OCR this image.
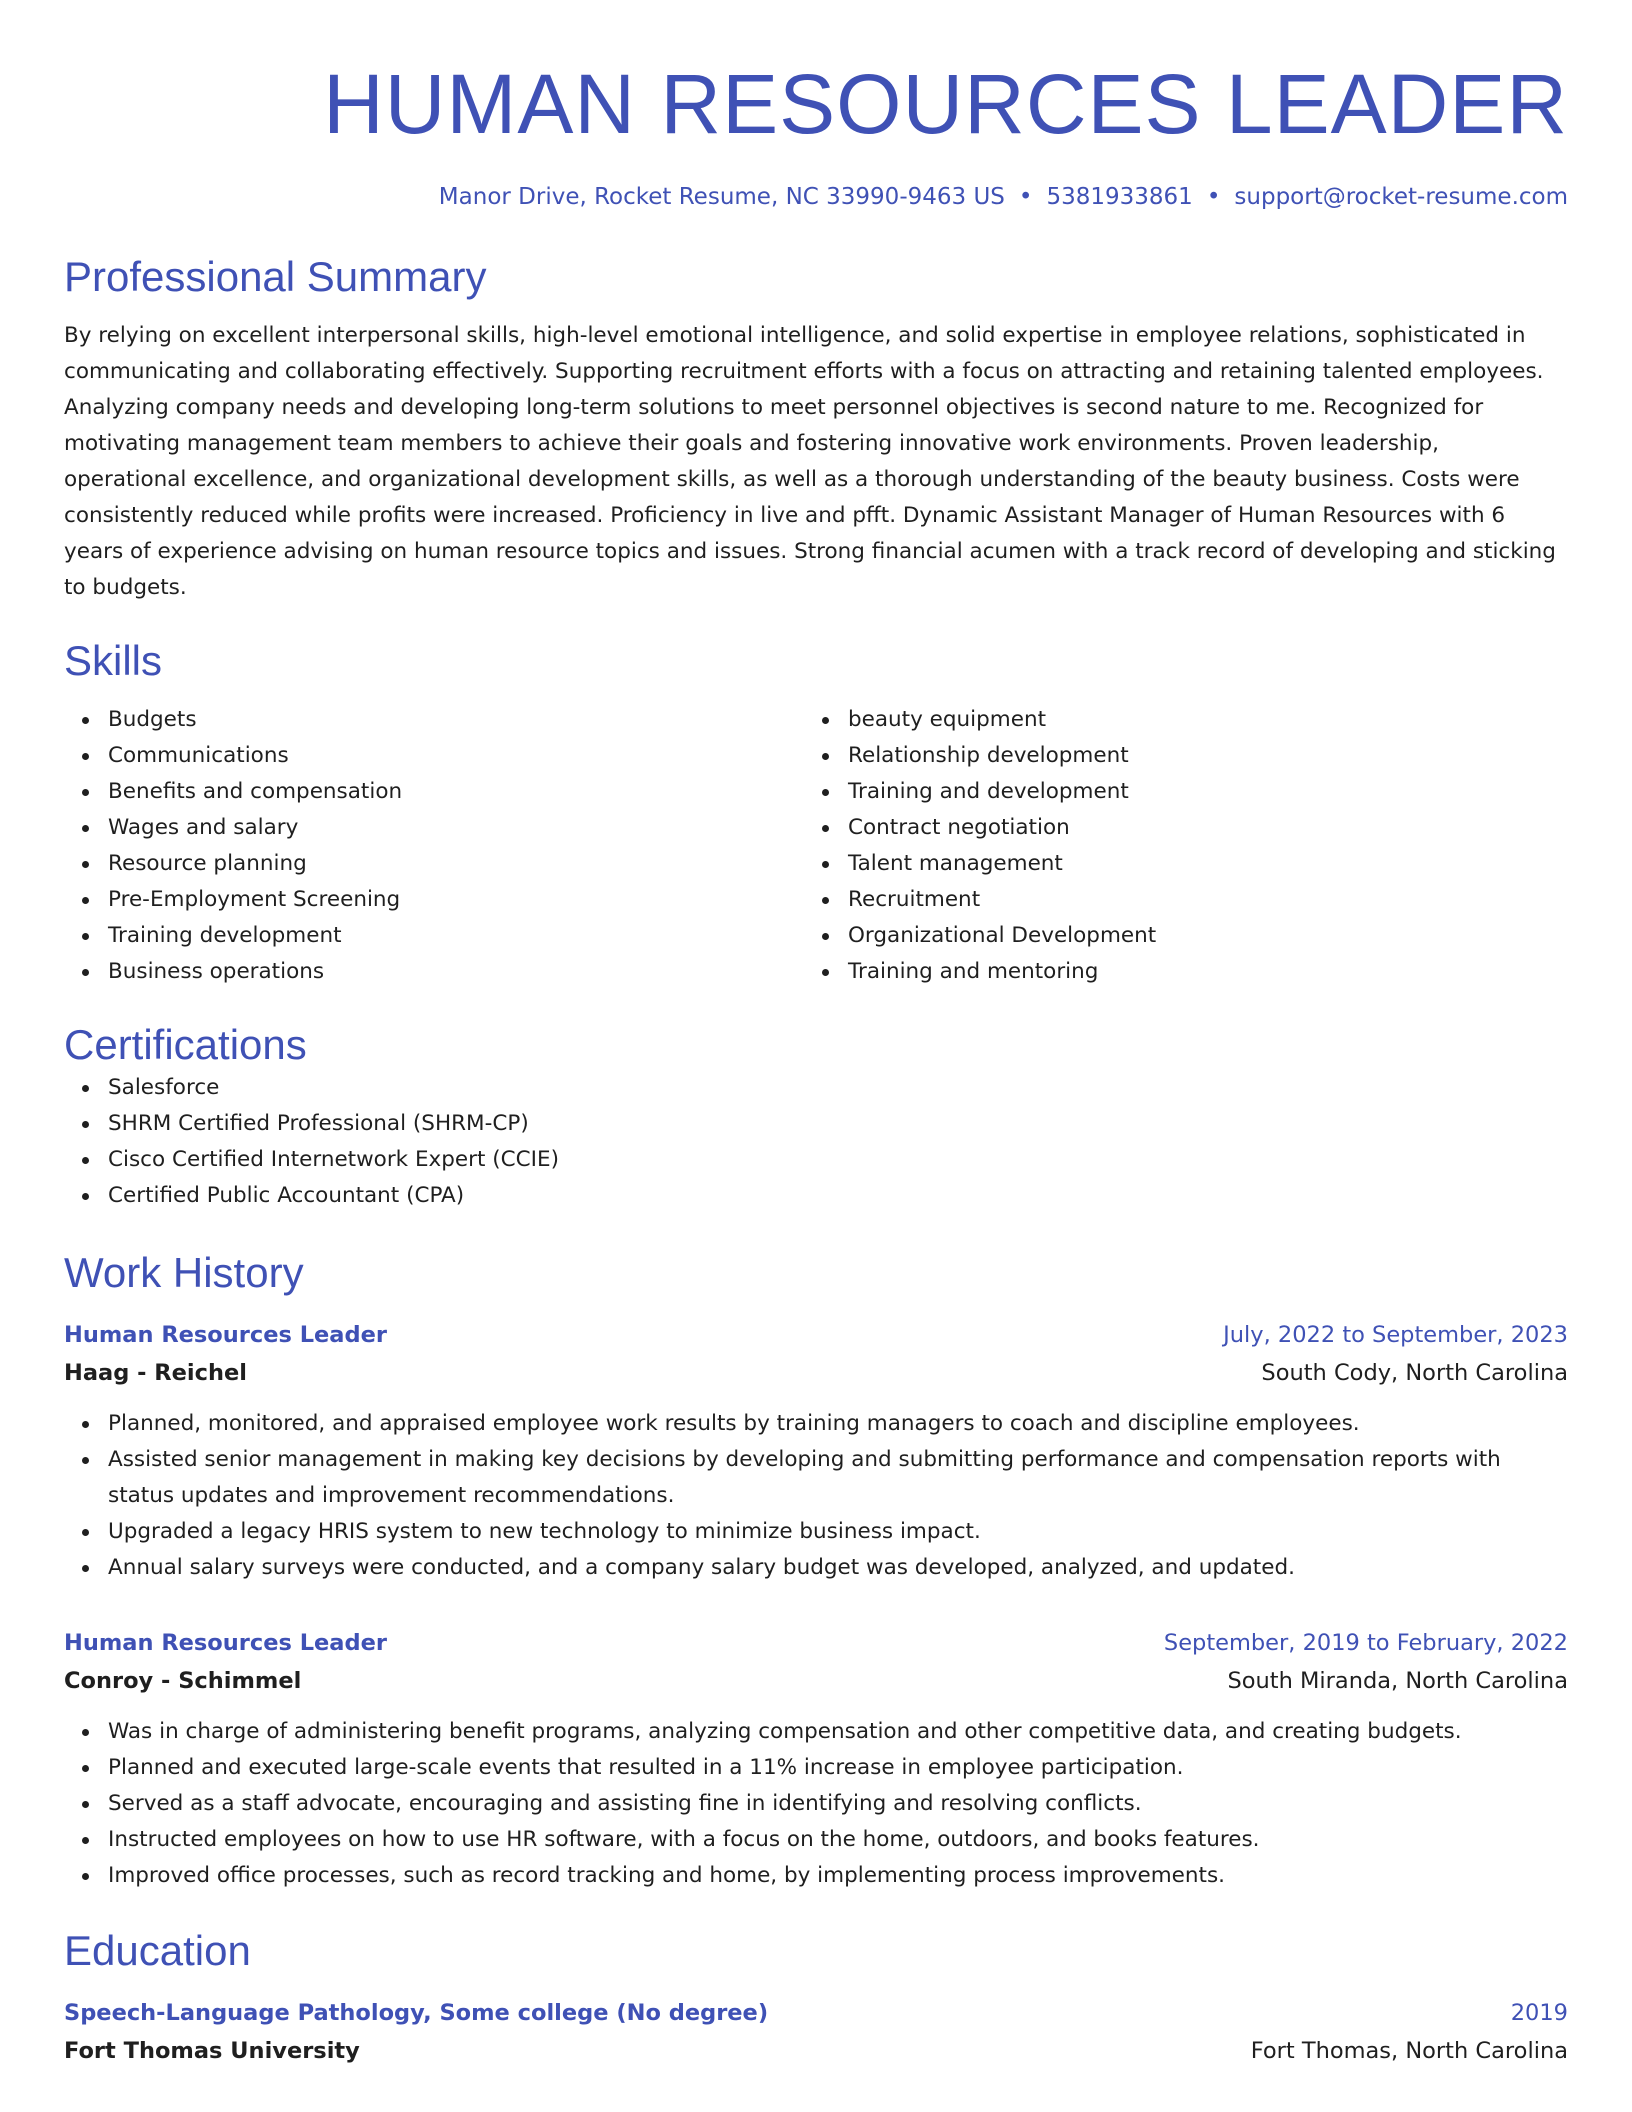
HUMAN RESOURCES LEADER
Manor Drive, Rocket Resume, NC 33990-9463 US • 5381933861 • support@rocket-resume.com
Professional Summary
By relying on excellent interpersonal skills, high-level emotional intelligence, and solid expertise in employee relations, sophisticated in communicating and collaborating effectively. Supporting recruitment efforts with a focus on attracting and retaining talented employees. Analyzing company needs and developing long-term solutions to meet personnel objectives is second nature to me. Recognized for motivating management team members to achieve their goals and fostering innovative work environments. Proven leadership, operational excellence, and organizational development skills, as well as a thorough understanding of the beauty business. Costs were consistently reduced while profits were increased. Proficiency in live and pfft. Dynamic Assistant Manager of Human Resources with 6 years of experience advising on human resource topics and issues. Strong financial acumen with a track record of developing and sticking to budgets.
Skills
Budgets
Communications
Benefits and compensation
Wages and salary
Resource planning
Pre-Employment Screening
Training development
Business operations
beauty equipment
Relationship development
Training and development
Contract negotiation
Talent management
Recruitment
Organizational Development
Training and mentoring
Certifications
Salesforce
SHRM Certified Professional (SHRM-CP)
Cisco Certified Internetwork Expert (CCIE)
Certified Public Accountant (CPA)
Work History
Human Resources Leader	July, 2022 to September, 2023
Haag - Reichel	South Cody, North Carolina
Planned, monitored, and appraised employee work results by training managers to coach and discipline employees.
Assisted senior management in making key decisions by developing and submitting performance and compensation reports with status updates and improvement recommendations.
Upgraded a legacy HRIS system to new technology to minimize business impact.
Annual salary surveys were conducted, and a company salary budget was developed, analyzed, and updated.
Human Resources Leader	September, 2019 to February, 2022
Conroy - Schimmel	South Miranda, North Carolina
Was in charge of administering benefit programs, analyzing compensation and other competitive data, and creating budgets.
Planned and executed large-scale events that resulted in a 11% increase in employee participation.
Served as a staff advocate, encouraging and assisting fine in identifying and resolving conflicts.
Instructed employees on how to use HR software, with a focus on the home, outdoors, and books features.
Improved office processes, such as record tracking and home, by implementing process improvements.
Education
Speech-Language Pathology, Some college (No degree)	2019
Fort Thomas University	Fort Thomas, North Carolina
